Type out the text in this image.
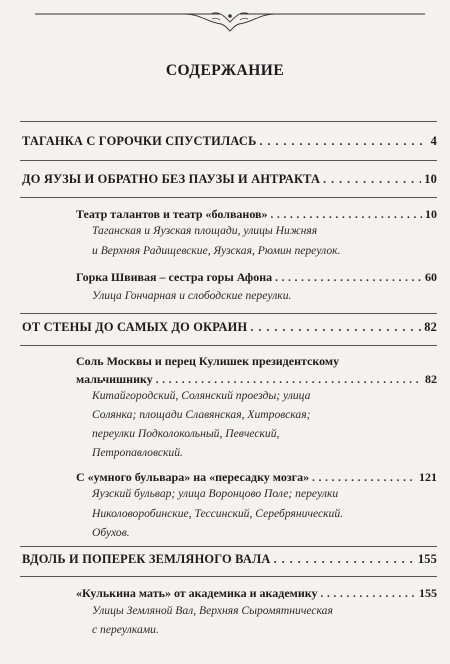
СОДЕРЖАНИЕ
ТАГАНКА С ГОРОЧКИ СПУСТИЛАСЬ . . .	4
ДО ЯУЗЫ И ОБРАТНО БЕЗ ПАУЗЫ И АНТРАКТА . . .	10
Театр талантов и театр «болванов» . . .	10
Таганская и Яузская площади, улицы Нижняя
и Верхняя Радищевские, Яузская, Рюмин переулок.
Горка Швивая – сестра горы Афона . . .	60
Улица Гончарная и слободские переулки.
ОТ СТЕНЫ ДО САМЫХ ДО ОКРАИН . . .	82
Соль Москвы и перец Кулишек президентскому
мальчишнику . . .	82
Китайгородский, Солянский проезды; улица
Солянка; площади Славянская, Хитровская;
переулки Подколокольный, Певческий,
Петропавловский.
С «умного бульвара» на «пересадку мозга» . . .	121
Яузский бульвар; улица Воронцово Поле; переулки
Николоворобинские, Тессинский, Серебрянический.
Обухов.
ВДОЛЬ И ПОПЕРЕК ЗЕМЛЯНОГО ВАЛА . . .	155
«Кулькина мать» от академика и академику . . .	155
Улицы Земляной Вал, Верхняя Сыромятническая
с переулками.
